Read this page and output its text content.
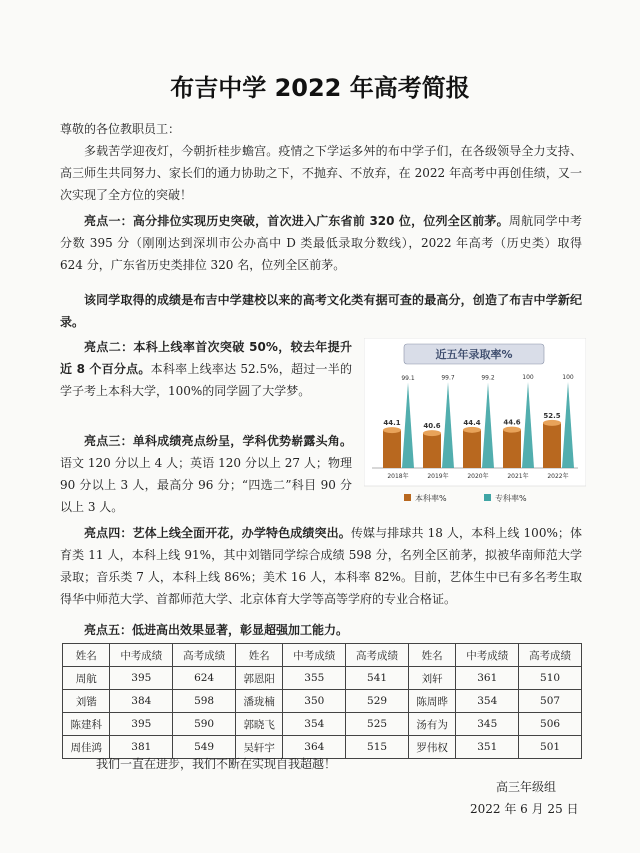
布吉中学 2022 年高考简报
尊敬的各位教职员工：
多载苦学迎夜灯，今朝折桂步蟾宫。疫情之下学运多舛的布中学子们，在各级领导全力支持、高三师生共同努力、家长们的通力协助之下，不抛弃、不放弃，在 2022 年高考中再创佳绩，又一次实现了全方位的突破！
亮点一：高分排位实现历史突破，首次进入广东省前 320 位，位列全区前茅。周航同学中考分数 395 分（刚刚达到深圳市公办高中 D 类最低录取分数线），2022 年高考（历史类）取得 624 分，广东省历史类排位 320 名，位列全区前茅。
该同学取得的成绩是布吉中学建校以来的高考文化类有据可查的最高分，创造了布吉中学新纪录。
亮点二：本科上线率首次突破 50%，较去年提升近 8 个百分点。本科率上线率达 52.5%，超过一半的学子考上本科大学，100%的同学圆了大学梦。
亮点三：单科成绩亮点纷呈，学科优势崭露头角。语文 120 分以上 4 人；英语 120 分以上 27 人；物理 90 分以上 3 人，最高分 96 分；“四选二”科目 90 分以上 3 人。
近五年录取率%
44.1
99.1
2018年
40.6
99.7
2019年
44.4
99.2
2020年
44.6
100
2021年
52.5
100
2022年
本科率%	专科率%
亮点四：艺体上线全面开花，办学特色成绩突出。传媒与排球共 18 人，本科上线 100%；体育类 11 人，本科上线 91%，其中刘锴同学综合成绩 598 分，名列全区前茅，拟被华南师范大学录取；音乐类 7 人，本科上线 86%；美术 16 人，本科率 82%。目前，艺体生中已有多名考生取得华中师范大学、首都师范大学、北京体育大学等高等学府的专业合格证。
亮点五：低进高出效果显著，彰显超强加工能力。
姓名	中考成绩	高考成绩	姓名	中考成绩	高考成绩	姓名	中考成绩	高考成绩
周航	395	624	郭恩阳	355	541	刘轩	361	510
刘锴	384	598	潘珑楠	350	529	陈周晔	354	507
陈建科	395	590	郭晓飞	354	525	汤有为	345	506
周佳鸿	381	549	吴轩宇	364	515	罗伟权	351	501
我们一直在进步，我们不断在实现自我超越！
高三年级组
2022 年 6 月 25 日
